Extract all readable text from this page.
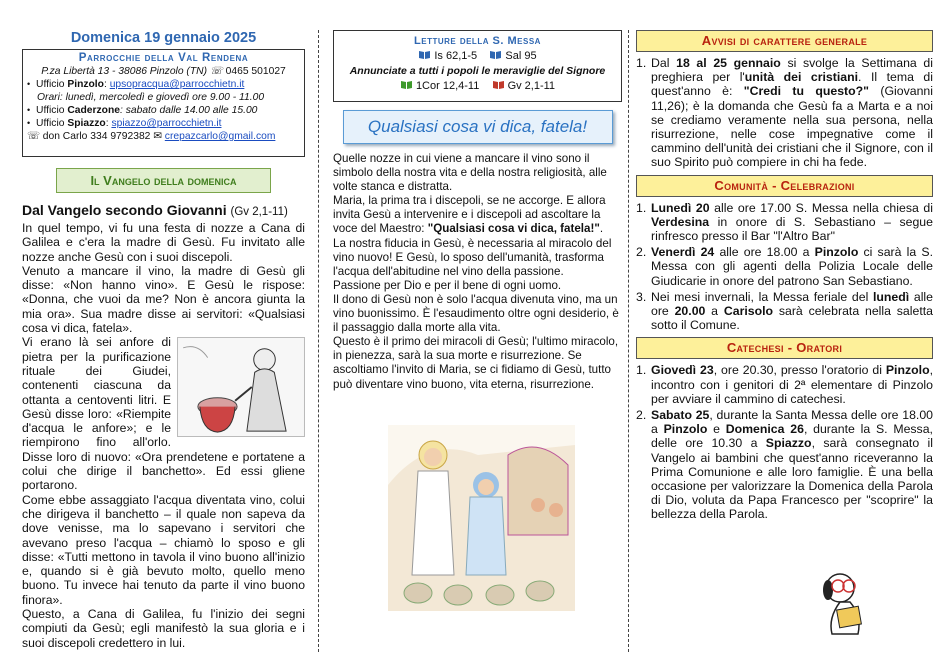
Domenica 19 gennaio 2025
Parrocchie della Val Rendena
P.za Libertà 13 - 38086 Pinzolo (TN) ☏ 0465 501027
• Ufficio Pinzolo: upsopracqua@parrocchietn.it
Orari: lunedì, mercoledì e giovedì ore 9.00 - 11.00
• Ufficio Caderzone: sabato dalle 14.00 alle 15.00
• Ufficio Spiazzo: spiazzo@parrocchietn.it
☏ don Carlo 334 9792382 ✉ crepazcarlo@gmail.com
Il Vangelo della domenica
Dal Vangelo secondo Giovanni (Gv 2,1-11)
In quel tempo, vi fu una festa di nozze a Cana di Galilea e c'era la madre di Gesù. Fu invitato alle nozze anche Gesù con i suoi discepoli.
Venuto a mancare il vino, la madre di Gesù gli disse: «Non hanno vino». E Gesù le rispose: «Donna, che vuoi da me? Non è ancora giunta la mia ora». Sua madre disse ai servitori: «Qualsiasi cosa vi dica, fatela».
Vi erano là sei anfore di pietra per la purificazione rituale dei Giudei, contenenti ciascuna da ottanta a centoventi litri. E Gesù disse loro: «Riempite d'acqua le anfore»; e le riempirono fino all'orlo. Disse loro di nuovo: «Ora prendetene e portatene a colui che dirige il banchetto». Ed essi gliene portarono.
Come ebbe assaggiato l'acqua diventata vino, colui che dirigeva il banchetto – il quale non sapeva da dove venisse, ma lo sapevano i servitori che avevano preso l'acqua – chiamò lo sposo e gli disse: «Tutti mettono in tavola il vino buono all'inizio e, quando si è già bevuto molto, quello meno buono. Tu invece hai tenuto da parte il vino buono finora».
Questo, a Cana di Galilea, fu l'inizio dei segni compiuti da Gesù; egli manifestò la sua gloria e i suoi discepoli credettero in lui.
Letture della S. Messa
Is 62,1-5	Sal 95
Annunciate a tutti i popoli le meraviglie del Signore
1Cor 12,4-11	Gv 2,1-11
Qualsiasi cosa vi dica, fatela!

Quelle nozze in cui viene a mancare il vino sono il simbolo della nostra vita e della nostra religiosità, alle volte stanca e distratta.

Maria, la prima tra i discepoli, se ne accorge. E allora invita Gesù a intervenire e i discepoli ad ascoltare la voce del Maestro: "Qualsiasi cosa vi dica, fatela!".

La nostra fiducia in Gesù, è necessaria al miracolo del vino nuovo! E Gesù, lo sposo dell'umanità, trasforma l'acqua dell'abitudine nel vino della passione.

Passione per Dio e per il bene di ogni uomo.

Il dono di Gesù non è solo l'acqua divenuta vino, ma un vino buonissimo. È l'esaudimento oltre ogni desiderio, è il passaggio dalla morte alla vita.

Questo è il primo dei miracoli di Gesù; l'ultimo miracolo, in pienezza, sarà la sua morte e risurrezione. Se ascoltiamo l'invito di Maria, se ci fidiamo di Gesù, tutto può diventare vino buono, vita eterna, risurrezione.

Avvisi di carattere generale
1. Dal 18 al 25 gennaio si svolge la Settimana di preghiera per l'unità dei cristiani. Il tema di quest'anno è: "Credi tu questo?" (Giovanni 11,26); è la domanda che Gesù fa a Marta e a noi se crediamo veramente nella sua persona, nella risurrezione, nelle cose impegnative come il cammino dell'unità dei cristiani che il Signore, con il suo Spirito può compiere in chi ha fede.
Comunità - Celebrazioni
1. Lunedì 20 alle ore 17.00 S. Messa nella chiesa di Verdesina in onore di S. Sebastiano – segue rinfresco presso il Bar "l'Altro Bar"
2. Venerdì 24 alle ore 18.00 a Pinzolo ci sarà la S. Messa con gli agenti della Polizia Locale delle Giudicarie in onore del patrono San Sebastiano.
3. Nei mesi invernali, la Messa feriale del lunedì alle ore 20.00 a Carisolo sarà celebrata nella saletta sotto il Comune.
Catechesi - Oratori
1. Giovedì 23, ore 20.30, presso l'oratorio di Pinzolo, incontro con i genitori di 2ª elementare di Pinzolo per avviare il cammino di catechesi.
2. Sabato 25, durante la Santa Messa delle ore 18.00 a Pinzolo e Domenica 26, durante la S. Messa, delle ore 10.30 a Spiazzo, sarà consegnato il Vangelo ai bambini che quest'anno riceveranno la Prima Comunione e alle loro famiglie. È una bella occasione per valorizzare la Domenica della Parola di Dio, voluta da Papa Francesco per "scoprire" la bellezza della Parola.
